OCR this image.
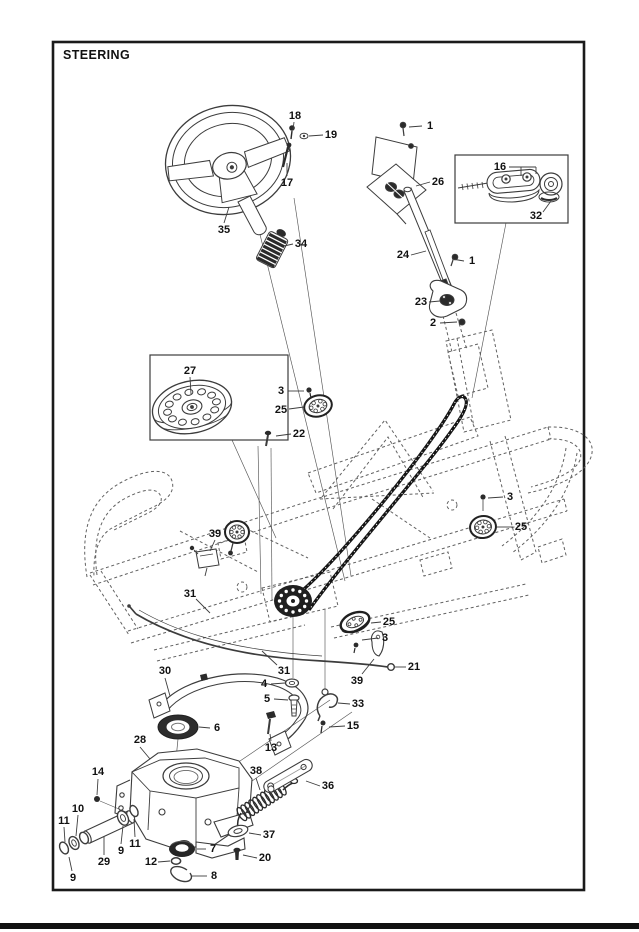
STEERING
18
19
17
35
34
1
26
16
32
24	1
23
2
27
3
25
22
3
25
39
31
25
3
21
39
30	31
4
5	33
15
6
13
28
14	38
36
10
11
9
11
29
9
12
7
8
37
20
